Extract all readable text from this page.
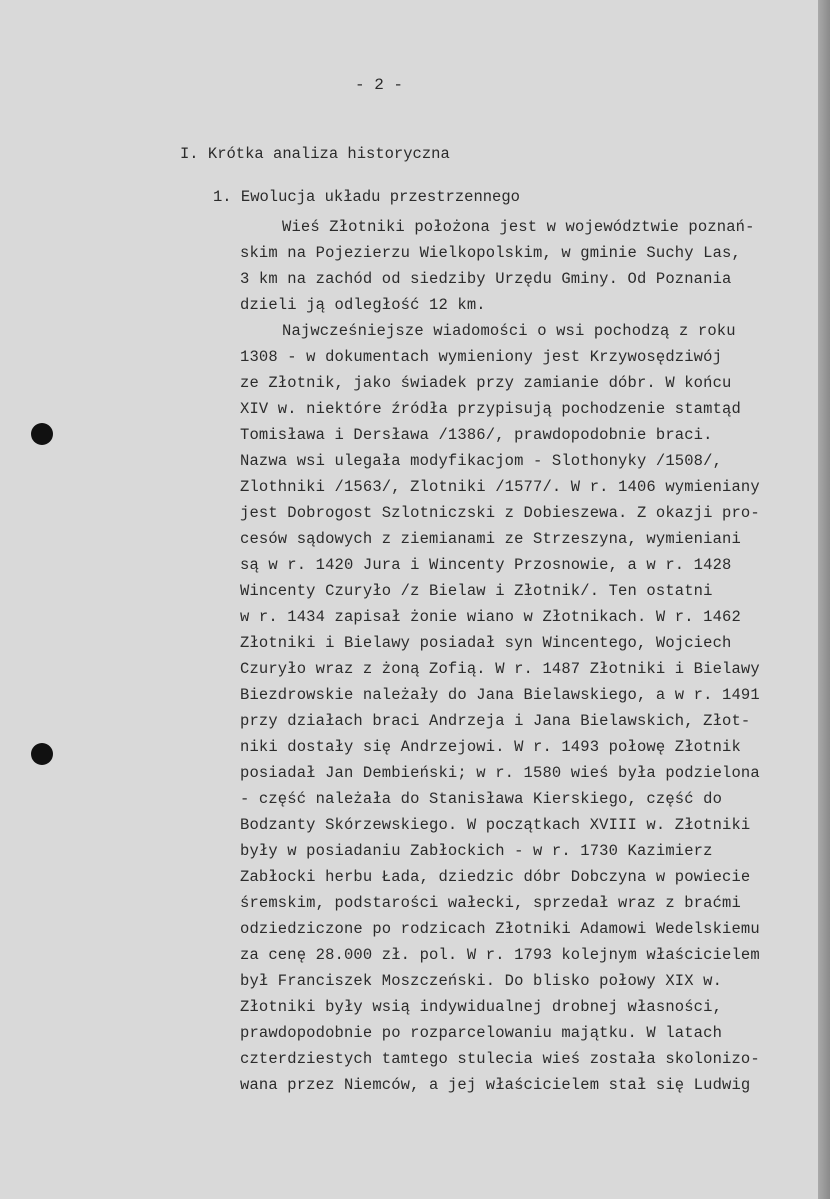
- 2 -
I. Krótka analiza historyczna
1. Ewolucja układu przestrzennego
Wieś Złotniki położona jest w województwie poznań-
skim na Pojezierzu Wielkopolskim, w gminie Suchy Las,
3 km na zachód od siedziby Urzędu Gminy. Od Poznania
dzieli ją odległość 12 km.
Najwcześniejsze wiadomości o wsi pochodzą z roku
1308 - w dokumentach wymieniony jest Krzywosędziwój
ze Złotnik, jako świadek przy zamianie dóbr. W końcu
XIV w. niektóre źródła przypisują pochodzenie stamtąd
Tomisława i Dersława /1386/, prawdopodobnie braci.
Nazwa wsi ulegała modyfikacjom - Slothonyky /1508/,
Zlothniki /1563/, Zlotniki /1577/. W r. 1406 wymieniany
jest Dobrogost Szlotniczski z Dobieszewa. Z okazji pro-
cesów sądowych z ziemianami ze Strzeszyna, wymieniani
są w r. 1420 Jura i Wincenty Przosnowie, a w r. 1428
Wincenty Czuryło /z Bielaw i Złotnik/. Ten ostatni
w r. 1434 zapisał żonie wiano w Złotnikach. W r. 1462
Złotniki i Bielawy posiadał syn Wincentego, Wojciech
Czuryło wraz z żoną Zofią. W r. 1487 Złotniki i Bielawy
Biezdrowskie należały do Jana Bielawskiego, a w r. 1491
przy działach braci Andrzeja i Jana Bielawskich, Złot-
niki dostały się Andrzejowi. W r. 1493 połowę Złotnik
posiadał Jan Dembieński; w r. 1580 wieś była podzielona
- część należała do Stanisława Kierskiego, część do
Bodzanty Skórzewskiego. W początkach XVIII w. Złotniki
były w posiadaniu Zabłockich - w r. 1730 Kazimierz
Zabłocki herbu Łada, dziedzic dóbr Dobczyna w powiecie
śremskim, podstarości wałecki, sprzedał wraz z braćmi
odziedziczone po rodzicach Złotniki Adamowi Wedelskiemu
za cenę 28.000 zł. pol. W r. 1793 kolejnym właścicielem
był Franciszek Moszczeński. Do blisko połowy XIX w.
Złotniki były wsią indywidualnej drobnej własności,
prawdopodobnie po rozparcelowaniu majątku. W latach
czterdziestych tamtego stulecia wieś została skolonizo-
wana przez Niemców, a jej właścicielem stał się Ludwig
